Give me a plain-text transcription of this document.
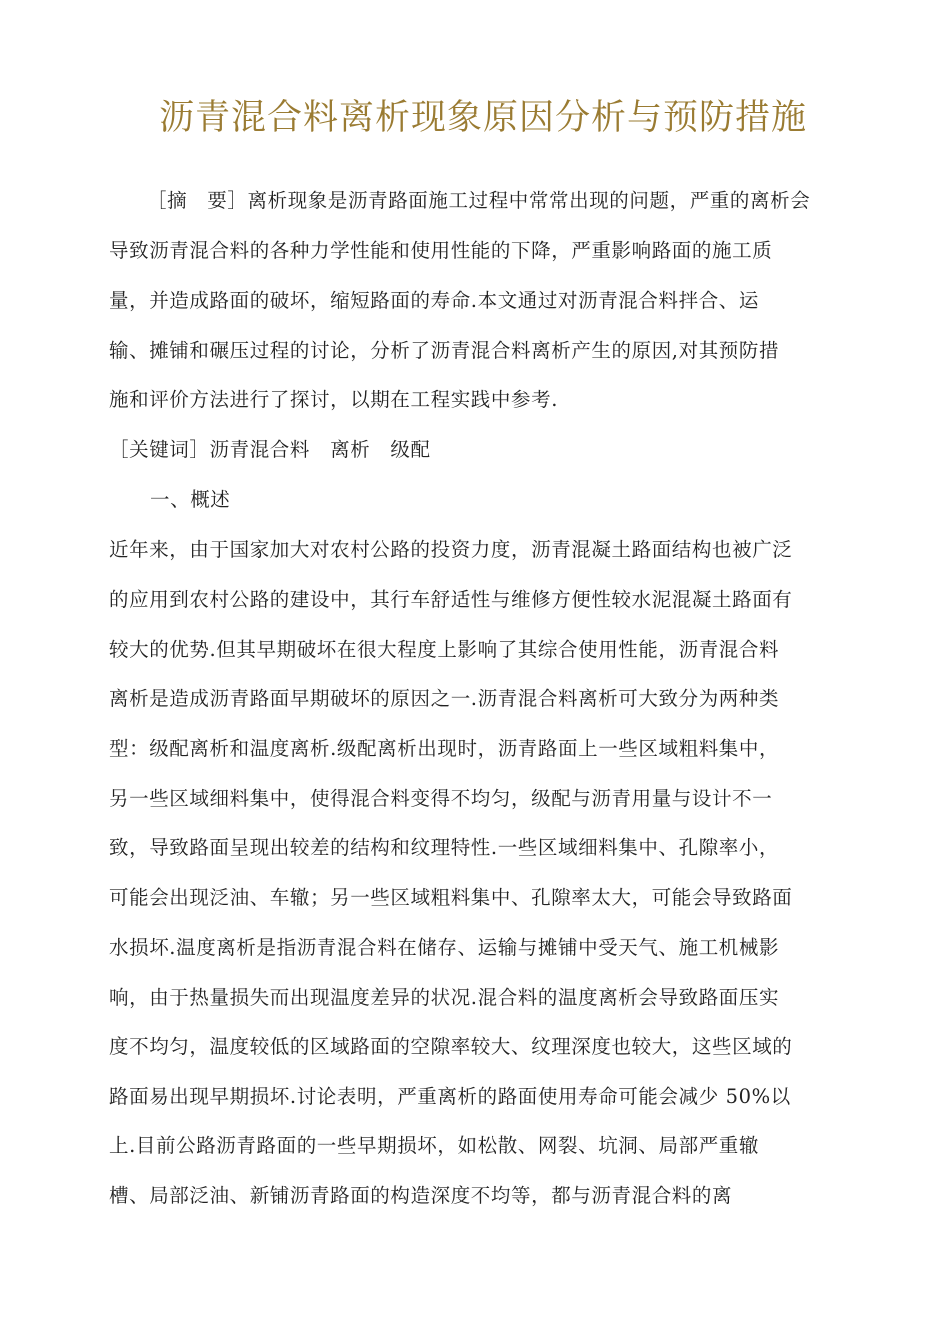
沥青混合料离析现象原因分析与预防措施
［摘　要］离析现象是沥青路面施工过程中常常出现的问题，严重的离析会
导致沥青混合料的各种力学性能和使用性能的下降，严重影响路面的施工质
量，并造成路面的破坏，缩短路面的寿命.本文通过对沥青混合料拌合、运
输、摊铺和碾压过程的讨论，分析了沥青混合料离析产生的原因,对其预防措
施和评价方法进行了探讨，以期在工程实践中参考.
［关键词］沥青混合料　离析　级配
一、概述
近年来，由于国家加大对农村公路的投资力度，沥青混凝土路面结构也被广泛
的应用到农村公路的建设中，其行车舒适性与维修方便性较水泥混凝土路面有
较大的优势.但其早期破坏在很大程度上影响了其综合使用性能，沥青混合料
离析是造成沥青路面早期破坏的原因之一.沥青混合料离析可大致分为两种类
型：级配离析和温度离析.级配离析出现时，沥青路面上一些区域粗料集中，
另一些区域细料集中，使得混合料变得不均匀，级配与沥青用量与设计不一
致，导致路面呈现出较差的结构和纹理特性.一些区域细料集中、孔隙率小，
可能会出现泛油、车辙；另一些区域粗料集中、孔隙率太大，可能会导致路面
水损坏.温度离析是指沥青混合料在储存、运输与摊铺中受天气、施工机械影
响，由于热量损失而出现温度差异的状况.混合料的温度离析会导致路面压实
度不均匀，温度较低的区域路面的空隙率较大、纹理深度也较大，这些区域的
路面易出现早期损坏.讨论表明，严重离析的路面使用寿命可能会减少 50%以
上.目前公路沥青路面的一些早期损坏，如松散、网裂、坑洞、局部严重辙
槽、局部泛油、新铺沥青路面的构造深度不均等，都与沥青混合料的离
